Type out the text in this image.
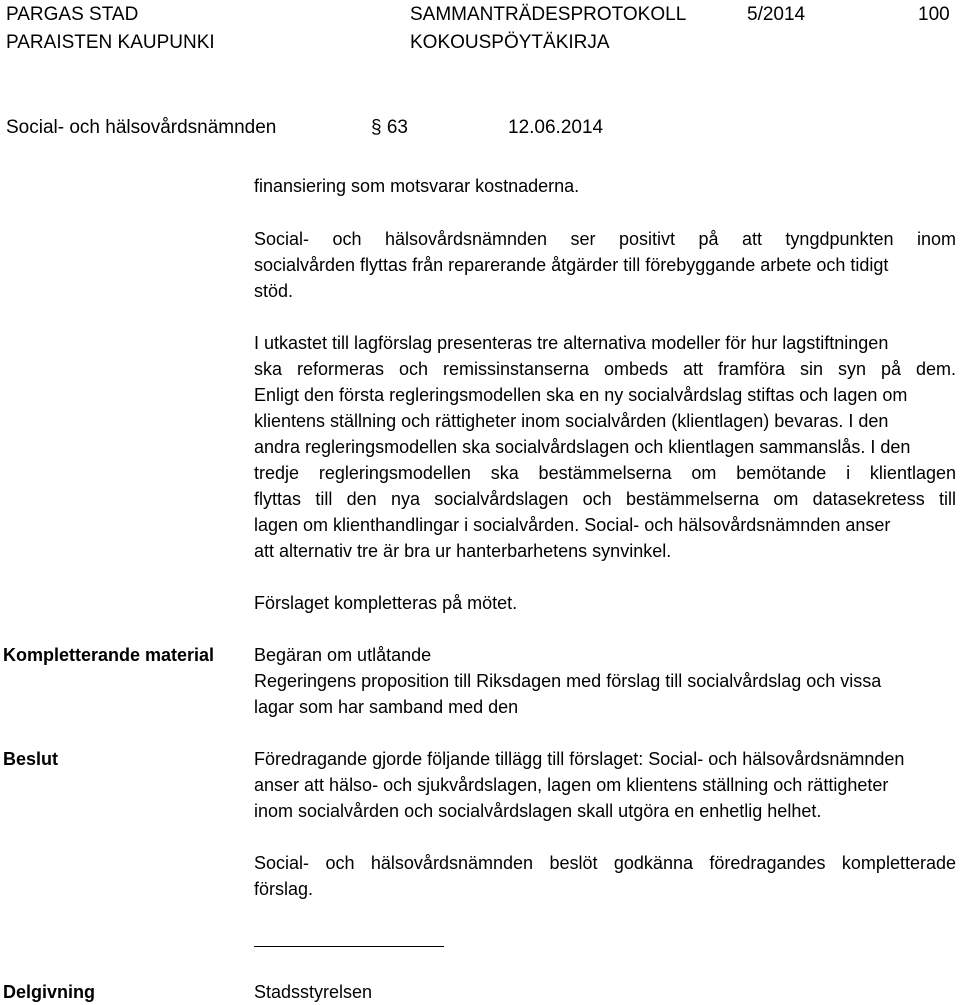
PARGAS STAD
PARAISTEN KAUPUNKI
SAMMANTRÄDESPROTOKOLL
KOKOUSPÖYTÄKIRJA
5/2014	100
Social- och hälsovårdsnämnden	§ 63	12.06.2014
finansiering som motsvarar kostnaderna.
Social- och hälsovårdsnämnden ser positivt på att tyngdpunkten inom
socialvården flyttas från reparerande åtgärder till förebyggande arbete och tidigt
stöd.
I utkastet till lagförslag presenteras tre alternativa modeller för hur lagstiftningen
ska reformeras och remissinstanserna ombeds att framföra sin syn på dem.
Enligt den första regleringsmodellen ska en ny socialvårdslag stiftas och lagen om
klientens ställning och rättigheter inom socialvården (klientlagen) bevaras. I den
andra regleringsmodellen ska socialvårdslagen och klientlagen sammanslås. I den
tredje regleringsmodellen ska bestämmelserna om bemötande i klientlagen
flyttas till den nya socialvårdslagen och bestämmelserna om datasekretess till
lagen om klienthandlingar i socialvården. Social- och hälsovårdsnämnden anser
att alternativ tre är bra ur hanterbarhetens synvinkel.
Förslaget kompletteras på mötet.
Kompletterande material Begäran om utlåtande
Regeringens proposition till Riksdagen med förslag till socialvårdslag och vissa
lagar som har samband med den
Beslut	Föredragande gjorde följande tillägg till förslaget: Social- och hälsovårdsnämnden
anser att hälso- och sjukvårdslagen, lagen om klientens ställning och rättigheter
inom socialvården och socialvårdslagen skall utgöra en enhetlig helhet.
Social- och hälsovårdsnämnden beslöt godkänna föredragandes kompletterade
förslag.
Delgivning	Stadsstyrelsen
